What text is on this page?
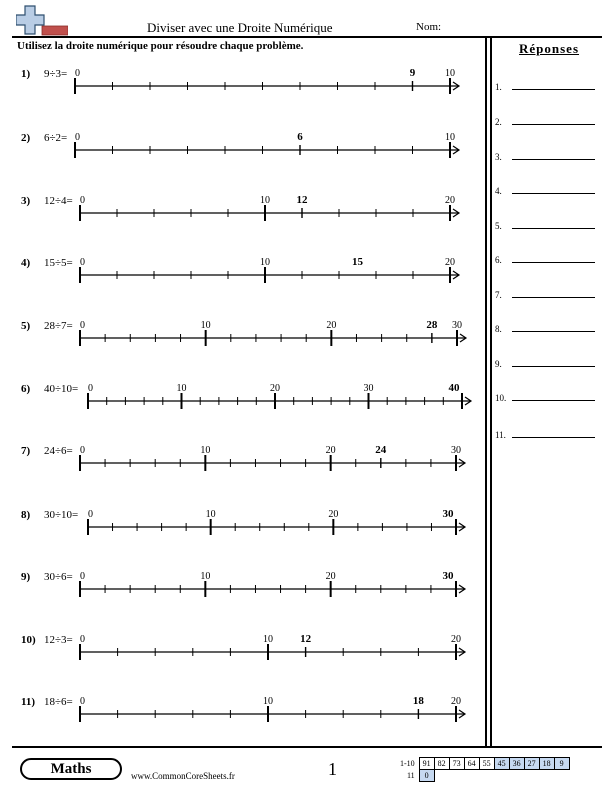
Diviser avec une Droite Numérique	Nom:
Utilisez la droite numérique pour résoudre chaque problème.	Réponses
1.
2.
3.
4.
5.
6.
7.
8.
9.
10.
11.
1) 9÷3= 0	10
9
2) 6÷2= 0	10
6
3) 12÷4= 0	10	20
12
4) 15÷5= 0	10	20
15
5) 28÷7= 0	10	20	30
28
6) 40÷10= 0	10	20	30	40
7) 24÷6= 0	10	20	30
24
8) 30÷10= 0	10	20	30
9) 30÷6= 0	10	20	30
10) 12÷3= 0	10	20
12
11) 18÷6= 0	10	20
18
Maths	www.CommonCoreSheets.fr	1	1-10	91	82	73	64	55	45	36	27	18	9
11	0									
